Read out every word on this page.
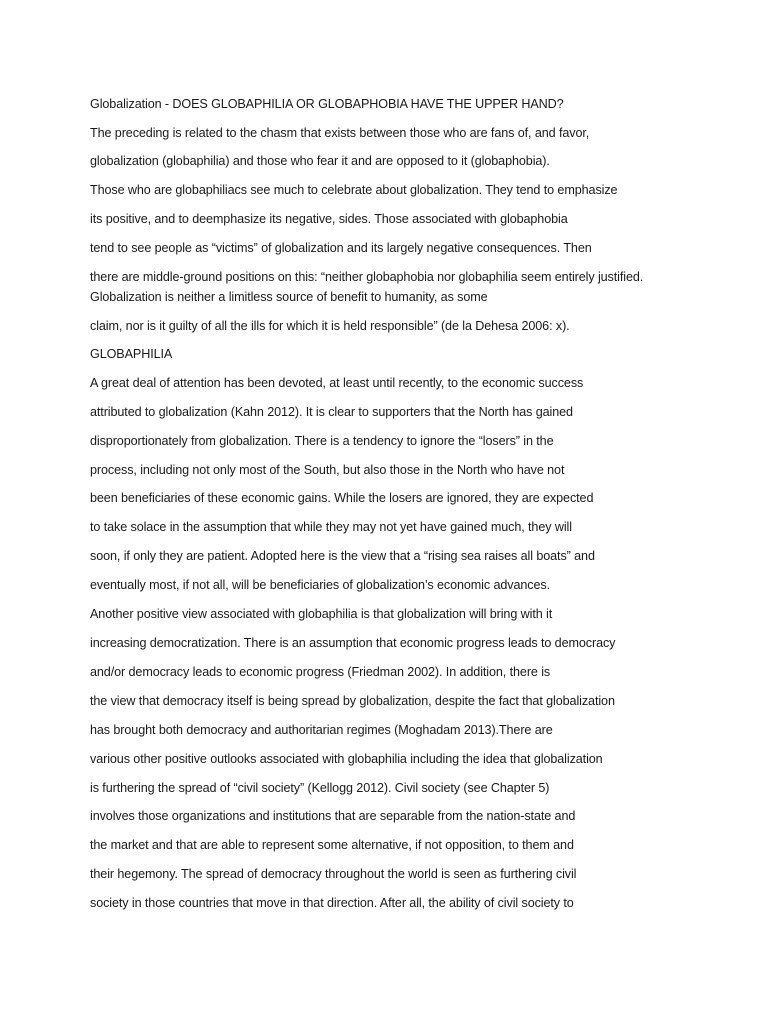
Globalization - DOES GLOBAPHILIA OR GLOBAPHOBIA HAVE THE UPPER HAND?
The preceding is related to the chasm that exists between those who are fans of, and favor,
globalization (globaphilia) and those who fear it and are opposed to it (globaphobia).
Those who are globaphiliacs see much to celebrate about globalization. They tend to emphasize
its positive, and to deemphasize its negative, sides. Those associated with globaphobia
tend to see people as “victims” of globalization and its largely negative consequences. Then
there are middle-ground positions on this: “neither globaphobia nor globaphilia seem entirely justified.
Globalization is neither a limitless source of benefit to humanity, as some
claim, nor is it guilty of all the ills for which it is held responsible” (de la Dehesa 2006: x).
GLOBAPHILIA
A great deal of attention has been devoted, at least until recently, to the economic success
attributed to globalization (Kahn 2012). It is clear to supporters that the North has gained
disproportionately from globalization. There is a tendency to ignore the “losers” in the
process, including not only most of the South, but also those in the North who have not
been beneficiaries of these economic gains. While the losers are ignored, they are expected
to take solace in the assumption that while they may not yet have gained much, they will
soon, if only they are patient. Adopted here is the view that a “rising sea raises all boats” and
eventually most, if not all, will be beneficiaries of globalization’s economic advances.
Another positive view associated with globaphilia is that globalization will bring with it
increasing democratization. There is an assumption that economic progress leads to democracy
and/or democracy leads to economic progress (Friedman 2002). In addition, there is
the view that democracy itself is being spread by globalization, despite the fact that globalization
has brought both democracy and authoritarian regimes (Moghadam 2013).There are
various other positive outlooks associated with globaphilia including the idea that globalization
is furthering the spread of “civil society” (Kellogg 2012). Civil society (see Chapter 5)
involves those organizations and institutions that are separable from the nation-state and
the market and that are able to represent some alternative, if not opposition, to them and
their hegemony. The spread of democracy throughout the world is seen as furthering civil
society in those countries that move in that direction. After all, the ability of civil society to
